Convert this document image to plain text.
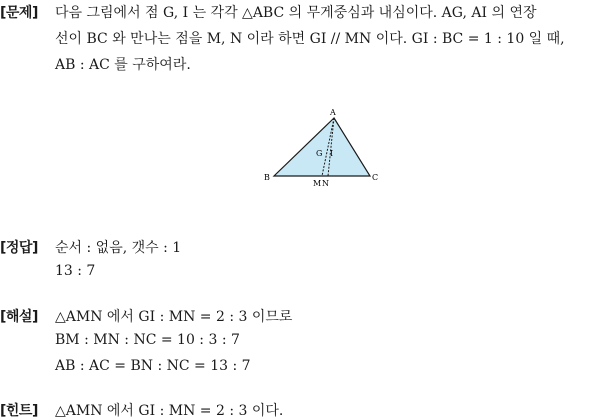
[문제] 다음 그림에서 점 G, I 는 각각 △ABC 의 무게중심과 내심이다. AG, AI 의 연장
선이 BC 와 만나는 점을 M, N 이라 하면 GI // MN 이다. GI : BC = 1 : 10 일 때,
AB : AC 를 구하여라.
A
B	C
G I
M N
[정답] 순서 : 없음, 갯수 : 1
13 : 7
[해설] △AMN 에서 GI : MN = 2 : 3 이므로
BM : MN : NC = 10 : 3 : 7
AB : AC = BN : NC = 13 : 7
[힌트] △AMN 에서 GI : MN = 2 : 3 이다.
